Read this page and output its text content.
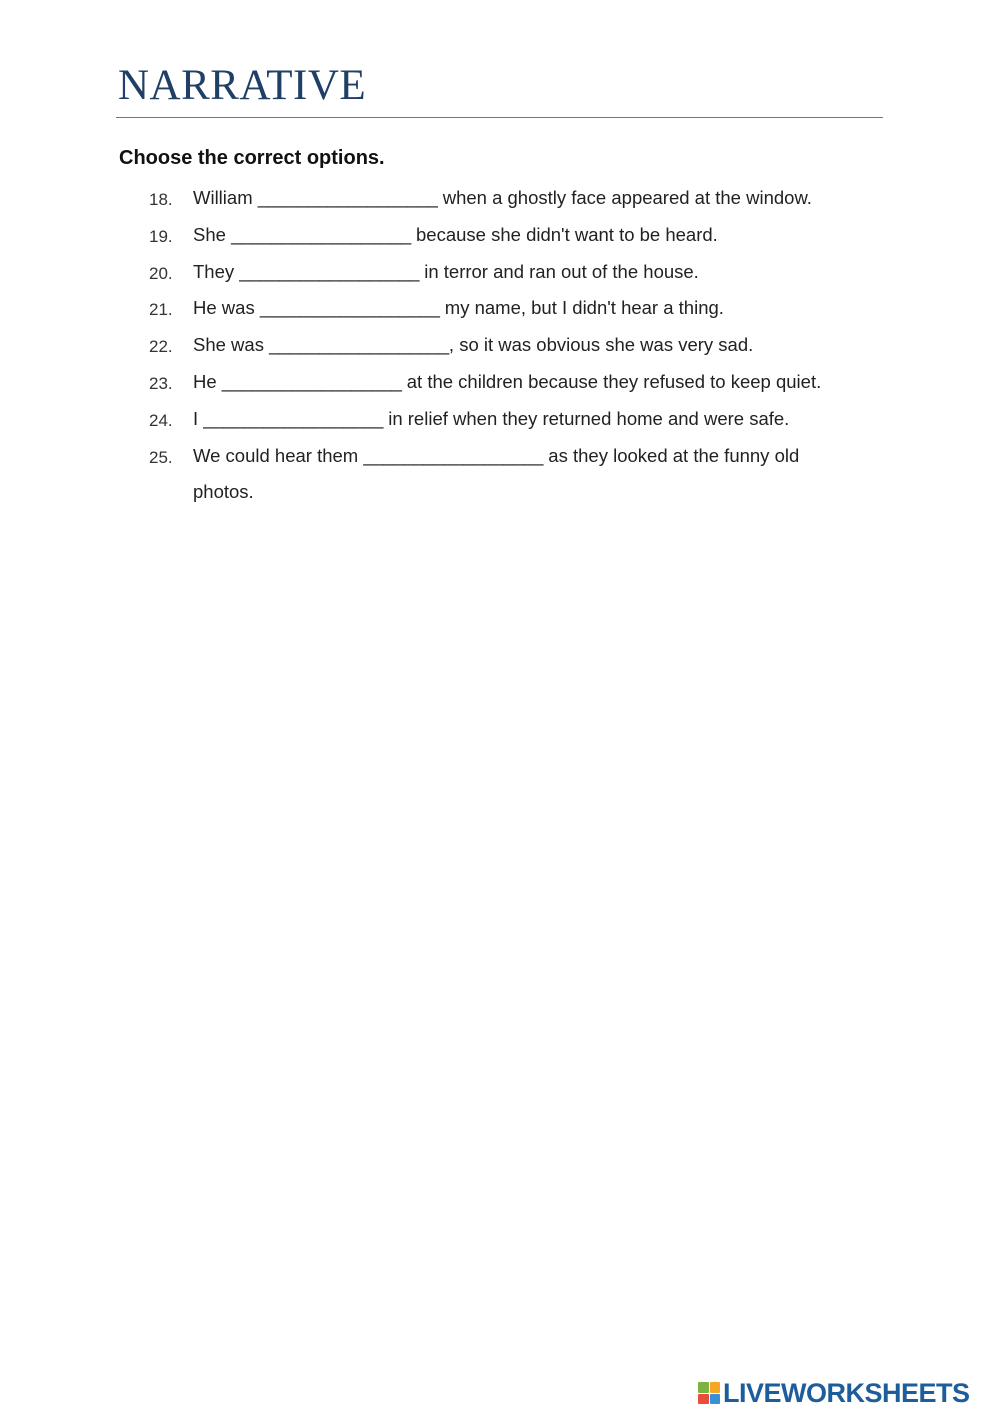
NARRATIVE

Choose the correct options.

18. William __________________ when a ghostly face appeared at the window.
19. She __________________ because she didn't want to be heard.
20. They __________________ in terror and ran out of the house.
21. He was __________________ my name, but I didn't hear a thing.
22. She was __________________, so it was obvious she was very sad.
23. He __________________ at the children because they refused to keep quiet.
24. I __________________ in relief when they returned home and were safe.
25. We could hear them __________________ as they looked at the funny old photos.
LIVEWORKSHEETS
